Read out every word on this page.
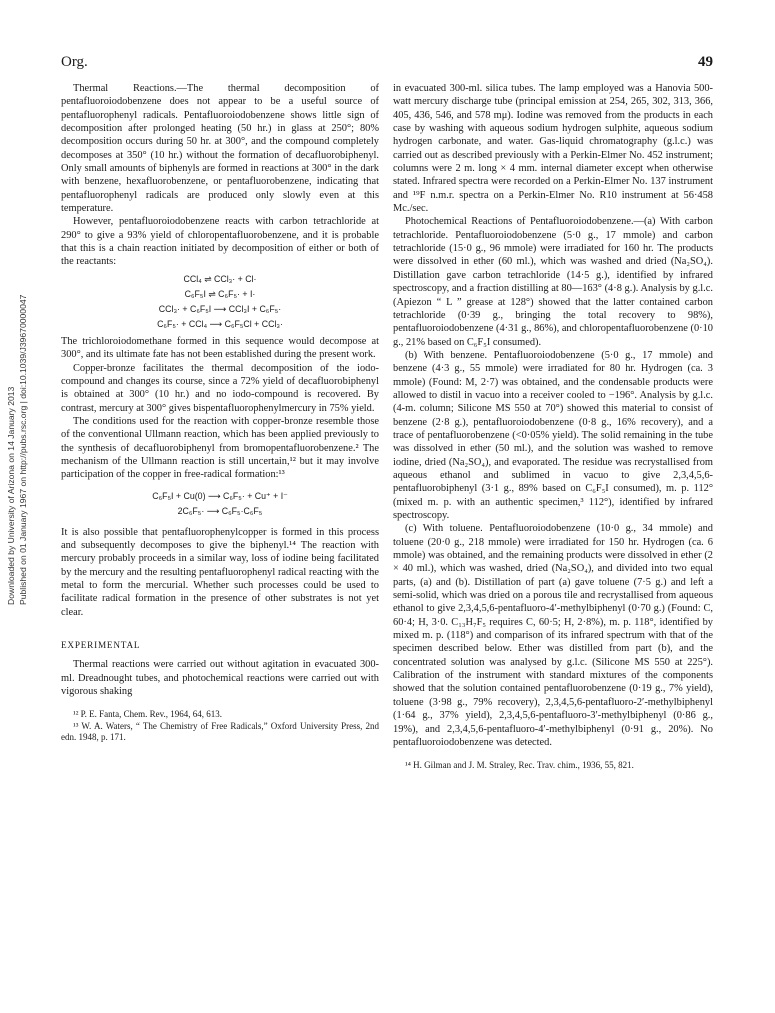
Downloaded by University of Arizona on 14 January 2013 Published on 01 January 1967 on http://pubs.rsc.org | doi:10.1039/J39670000047
Org.	49

Thermal Reactions.—The thermal decomposition of pentafluoroiodobenzene does not appear to be a useful source of pentafluorophenyl radicals. Pentafluoroiodobenzene shows little sign of decomposition after prolonged heating (50 hr.) in glass at 250°; 80% decomposition occurs during 50 hr. at 300°, and the compound completely decomposes at 350° (10 hr.) without the formation of decafluorobiphenyl. Only small amounts of biphenyls are formed in reactions at 300° in the dark with benzene, hexafluorobenzene, or pentafluorobenzene, indicating that pentafluorophenyl radicals are produced only slowly even at this temperature.

However, pentafluoroiodobenzene reacts with carbon tetrachloride at 290° to give a 93% yield of chloropentafluorobenzene, and it is probable that this is a chain reaction initiated by decomposition of either or both of the reactants:

CCl₄ ⇌ CCl₃· + Cl·
C₆F₅I ⇌ C₆F₅· + I·
CCl₃· + C₆F₅I ⟶ CCl₃I + C₆F₅·
C₆F₅· + CCl₄ ⟶ C₆F₅Cl + CCl₃·

The trichloroiodomethane formed in this sequence would decompose at 300°, and its ultimate fate has not been established during the present work.

Copper-bronze facilitates the thermal decomposition of the iodo-compound and changes its course, since a 72% yield of decafluorobiphenyl is obtained at 300° (10 hr.) and no iodo-compound is recovered. By contrast, mercury at 300° gives bispentafluorophenylmercury in 75% yield.

The conditions used for the reaction with copper-bronze resemble those of the conventional Ullmann reaction, which has been applied previously to the synthesis of decafluorobiphenyl from bromopentafluorobenzene.² The mechanism of the Ullmann reaction is still uncertain,¹² but it may involve participation of the copper in free-radical formation:¹³

C₆F₅I + Cu(0) ⟶ C₆F₅· + Cu⁺ + I⁻
2C₆F₅· ⟶ C₆F₅·C₆F₅

It is also possible that pentafluorophenylcopper is formed in this process and subsequently decomposes to give the biphenyl.¹⁴ The reaction with mercury probably proceeds in a similar way, loss of iodine being facilitated by the mercury and the resulting pentafluorophenyl radical reacting with the metal to form the mercurial. Whether such processes could be used to facilitate radical formation in the presence of other substrates is not yet clear.

EXPERIMENTAL

Thermal reactions were carried out without agitation in evacuated 300-ml. Dreadnought tubes, and photochemical reactions were carried out with vigorous shaking

¹² P. E. Fanta, Chem. Rev., 1964, 64, 613.

¹³ W. A. Waters, “ The Chemistry of Free Radicals,” Oxford University Press, 2nd edn. 1948, p. 171.

in evacuated 300-ml. silica tubes. The lamp employed was a Hanovia 500-watt mercury discharge tube (principal emission at 254, 265, 302, 313, 366, 405, 436, 546, and 578 mμ). Iodine was removed from the products in each case by washing with aqueous sodium hydrogen sulphite, aqueous sodium hydrogen carbonate, and water. Gas-liquid chromatography (g.l.c.) was carried out as described previously with a Perkin-Elmer No. 452 instrument; columns were 2 m. long × 4 mm. internal diameter except when otherwise stated. Infrared spectra were recorded on a Perkin-Elmer No. 137 instrument and ¹⁹F n.m.r. spectra on a Perkin-Elmer No. R10 instrument at 56·458 Mc./sec.

Photochemical Reactions of Pentafluoroiodobenzene.—(a) With carbon tetrachloride. Pentafluoroiodobenzene (5·0 g., 17 mmole) and carbon tetrachloride (15·0 g., 96 mmole) were irradiated for 160 hr. The products were dissolved in ether (60 ml.), which was washed and dried (Na₂SO₄). Distillation gave carbon tetrachloride (14·5 g.), identified by infrared spectroscopy, and a fraction distilling at 80—163° (4·8 g.). Analysis by g.l.c. (Apiezon “ L ” grease at 128°) showed that the latter contained carbon tetrachloride (0·39 g., bringing the total recovery to 98%), pentafluoroiodobenzene (4·31 g., 86%), and chloropentafluorobenzene (0·10 g., 21% based on C₆F₅I consumed).

(b) With benzene. Pentafluoroiodobenzene (5·0 g., 17 mmole) and benzene (4·3 g., 55 mmole) were irradiated for 80 hr. Hydrogen (ca. 3 mmole) (Found: M, 2·7) was obtained, and the condensable products were allowed to distil in vacuo into a receiver cooled to −196°. Analysis by g.l.c. (4-m. column; Silicone MS 550 at 70°) showed this material to consist of benzene (2·8 g.), pentafluoroiodobenzene (0·8 g., 16% recovery), and a trace of pentafluorobenzene (<0·05% yield). The solid remaining in the tube was dissolved in ether (50 ml.), and the solution was washed to remove iodine, dried (Na₂SO₄), and evaporated. The residue was recrystallised from aqueous ethanol and sublimed in vacuo to give 2,3,4,5,6-pentafluorobiphenyl (3·1 g., 89% based on C₆F₅I consumed), m. p. 112° (mixed m. p. with an authentic specimen,³ 112°), identified by infrared spectroscopy.

(c) With toluene. Pentafluoroiodobenzene (10·0 g., 34 mmole) and toluene (20·0 g., 218 mmole) were irradiated for 150 hr. Hydrogen (ca. 6 mmole) was obtained, and the remaining products were dissolved in ether (2 × 40 ml.), which was washed, dried (Na₂SO₄), and divided into two equal parts, (a) and (b). Distillation of part (a) gave toluene (7·5 g.) and left a semi-solid, which was dried on a porous tile and recrystallised from aqueous ethanol to give 2,3,4,5,6-pentafluoro-4′-methylbiphenyl (0·70 g.) (Found: C, 60·4; H, 3·0. C₁₃H₇F₅ requires C, 60·5; H, 2·8%), m. p. 118°, identified by mixed m. p. (118°) and comparison of its infrared spectrum with that of the specimen described below. Ether was distilled from part (b), and the concentrated solution was analysed by g.l.c. (Silicone MS 550 at 225°). Calibration of the instrument with standard mixtures of the components showed that the solution contained pentafluorobenzene (0·19 g., 7% yield), toluene (3·98 g., 79% recovery), 2,3,4,5,6-pentafluoro-2′-methylbiphenyl (1·64 g., 37% yield), 2,3,4,5,6-pentafluoro-3′-methylbiphenyl (0·86 g., 19%), and 2,3,4,5,6-pentafluoro-4′-methylbiphenyl (0·91 g., 20%). No pentafluoroiodobenzene was detected.

¹⁴ H. Gilman and J. M. Straley, Rec. Trav. chim., 1936, 55, 821.
